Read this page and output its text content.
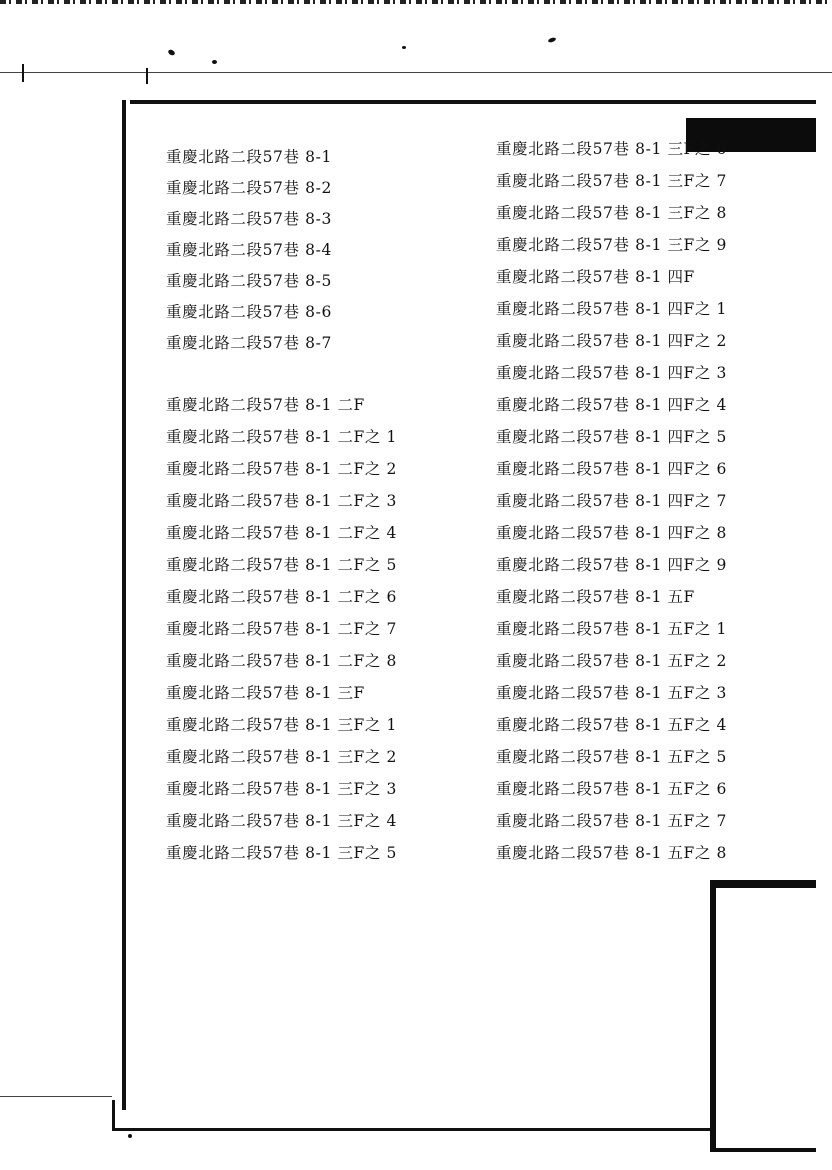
重慶北路二段57巷 8-1
重慶北路二段57巷 8-2
重慶北路二段57巷 8-3
重慶北路二段57巷 8-4
重慶北路二段57巷 8-5
重慶北路二段57巷 8-6
重慶北路二段57巷 8-7
重慶北路二段57巷 8-1 二F
重慶北路二段57巷 8-1 二F之 1
重慶北路二段57巷 8-1 二F之 2
重慶北路二段57巷 8-1 二F之 3
重慶北路二段57巷 8-1 二F之 4
重慶北路二段57巷 8-1 二F之 5
重慶北路二段57巷 8-1 二F之 6
重慶北路二段57巷 8-1 二F之 7
重慶北路二段57巷 8-1 二F之 8
重慶北路二段57巷 8-1 三F
重慶北路二段57巷 8-1 三F之 1
重慶北路二段57巷 8-1 三F之 2
重慶北路二段57巷 8-1 三F之 3
重慶北路二段57巷 8-1 三F之 4
重慶北路二段57巷 8-1 三F之 5
重慶北路二段57巷 8-1 三F之 6
重慶北路二段57巷 8-1 三F之 7
重慶北路二段57巷 8-1 三F之 8
重慶北路二段57巷 8-1 三F之 9
重慶北路二段57巷 8-1 四F
重慶北路二段57巷 8-1 四F之 1
重慶北路二段57巷 8-1 四F之 2
重慶北路二段57巷 8-1 四F之 3
重慶北路二段57巷 8-1 四F之 4
重慶北路二段57巷 8-1 四F之 5
重慶北路二段57巷 8-1 四F之 6
重慶北路二段57巷 8-1 四F之 7
重慶北路二段57巷 8-1 四F之 8
重慶北路二段57巷 8-1 四F之 9
重慶北路二段57巷 8-1 五F
重慶北路二段57巷 8-1 五F之 1
重慶北路二段57巷 8-1 五F之 2
重慶北路二段57巷 8-1 五F之 3
重慶北路二段57巷 8-1 五F之 4
重慶北路二段57巷 8-1 五F之 5
重慶北路二段57巷 8-1 五F之 6
重慶北路二段57巷 8-1 五F之 7
重慶北路二段57巷 8-1 五F之 8
